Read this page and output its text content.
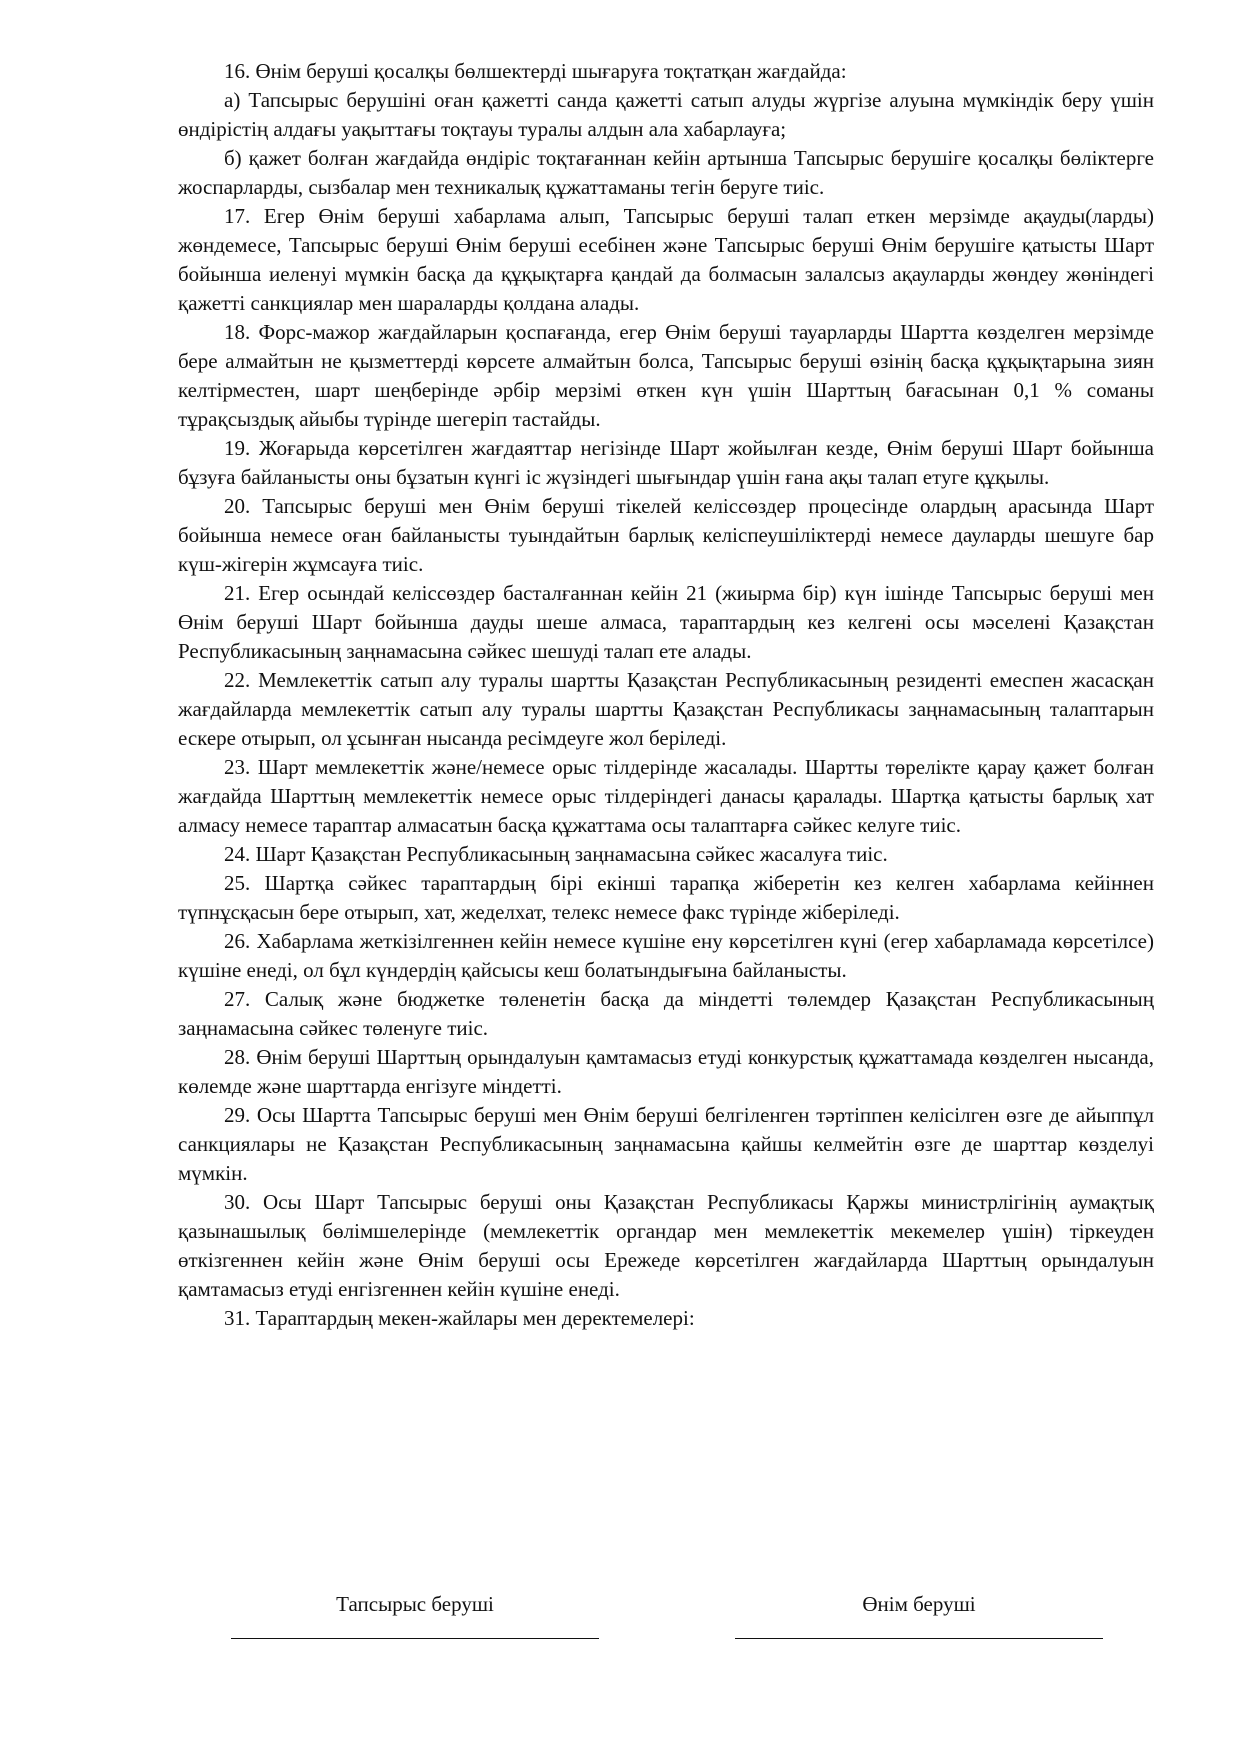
16. Өнім беруші қосалқы бөлшектерді шығаруға тоқтатқан жағдайда:

а) Тапсырыс берушіні оған қажетті санда қажетті сатып алуды жүргізе алуына мүмкіндік беру үшін өндірістің алдағы уақыттағы тоқтауы туралы алдын ала хабарлауға;

б) қажет болған жағдайда өндіріс тоқтағаннан кейін артынша Тапсырыс берушіге қосалқы бөліктерге жоспарларды, сызбалар мен техникалық құжаттаманы тегін беруге тиіс.

17. Егер Өнім беруші хабарлама алып, Тапсырыс беруші талап еткен мерзімде ақауды(ларды) жөндемесе, Тапсырыс беруші Өнім беруші есебінен және Тапсырыс беруші Өнім берушіге қатысты Шарт бойынша иеленуі мүмкін басқа да құқықтарға қандай да болмасын залалсыз ақауларды жөндеу жөніндегі қажетті санкциялар мен шараларды қолдана алады.

18. Форс-мажор жағдайларын қоспағанда, егер Өнім беруші тауарларды Шартта көзделген мерзімде бере алмайтын не қызметтерді көрсете алмайтын болса, Тапсырыс беруші өзінің басқа құқықтарына зиян келтірместен, шарт шеңберінде әрбір мерзімі өткен күн үшін Шарттың бағасынан 0,1 % соманы тұрақсыздық айыбы түрінде шегеріп тастайды.

19. Жоғарыда көрсетілген жағдаяттар негізінде Шарт жойылған кезде, Өнім беруші Шарт бойынша бұзуға байланысты оны бұзатын күнгі іс жүзіндегі шығындар үшін ғана ақы талап етуге құқылы.

20. Тапсырыс беруші мен Өнім беруші тікелей келіссөздер процесінде олардың арасында Шарт бойынша немесе оған байланысты туындайтын барлық келіспеушіліктерді немесе дауларды шешуге бар күш-жігерін жұмсауға тиіс.

21. Егер осындай келіссөздер басталғаннан кейін 21 (жиырма бір) күн ішінде Тапсырыс беруші мен Өнім беруші Шарт бойынша дауды шеше алмаса, тараптардың кез келгені осы мәселені Қазақстан Республикасының заңнамасына сәйкес шешуді талап ете алады.

22. Мемлекеттік сатып алу туралы шартты Қазақстан Республикасының резиденті емеспен жасасқан жағдайларда мемлекеттік сатып алу туралы шартты Қазақстан Республикасы заңнамасының талаптарын ескере отырып, ол ұсынған нысанда ресімдеуге жол беріледі.

23. Шарт мемлекеттік және/немесе орыс тілдерінде жасалады. Шартты төрелікте қарау қажет болған жағдайда Шарттың мемлекеттік немесе орыс тілдеріндегі данасы қаралады. Шартқа қатысты барлық хат алмасу немесе тараптар алмасатын басқа құжаттама осы талаптарға сәйкес келуге тиіс.

24. Шарт Қазақстан Республикасының заңнамасына сәйкес жасалуға тиіс.

25. Шартқа сәйкес тараптардың бірі екінші тарапқа жіберетін кез келген хабарлама кейіннен түпнұсқасын бере отырып, хат, жеделхат, телекс немесе факс түрінде жіберіледі.

26. Хабарлама жеткізілгеннен кейін немесе күшіне ену көрсетілген күні (егер хабарламада көрсетілсе) күшіне енеді, ол бұл күндердің қайсысы кеш болатындығына байланысты.

27. Салық және бюджетке төленетін басқа да міндетті төлемдер Қазақстан Республикасының заңнамасына сәйкес төленуге тиіс.

28. Өнім беруші Шарттың орындалуын қамтамасыз етуді конкурстық құжаттамада көзделген нысанда, көлемде және шарттарда енгізуге міндетті.

29. Осы Шартта Тапсырыс беруші мен Өнім беруші белгіленген тәртіппен келісілген өзге де айыппұл санкциялары не Қазақстан Республикасының заңнамасына қайшы келмейтін өзге де шарттар көзделуі мүмкін.

30. Осы Шарт Тапсырыс беруші оны Қазақстан Республикасы Қаржы министрлігінің аумақтық қазынашылық бөлімшелерінде (мемлекеттік органдар мен мемлекеттік мекемелер үшін) тіркеуден өткізгеннен кейін және Өнім беруші осы Ережеде көрсетілген жағдайларда Шарттың орындалуын қамтамасыз етуді енгізгеннен кейін күшіне енеді.

31. Тараптардың мекен-жайлары мен деректемелері:

Тапсырыс беруші	Өнім беруші
